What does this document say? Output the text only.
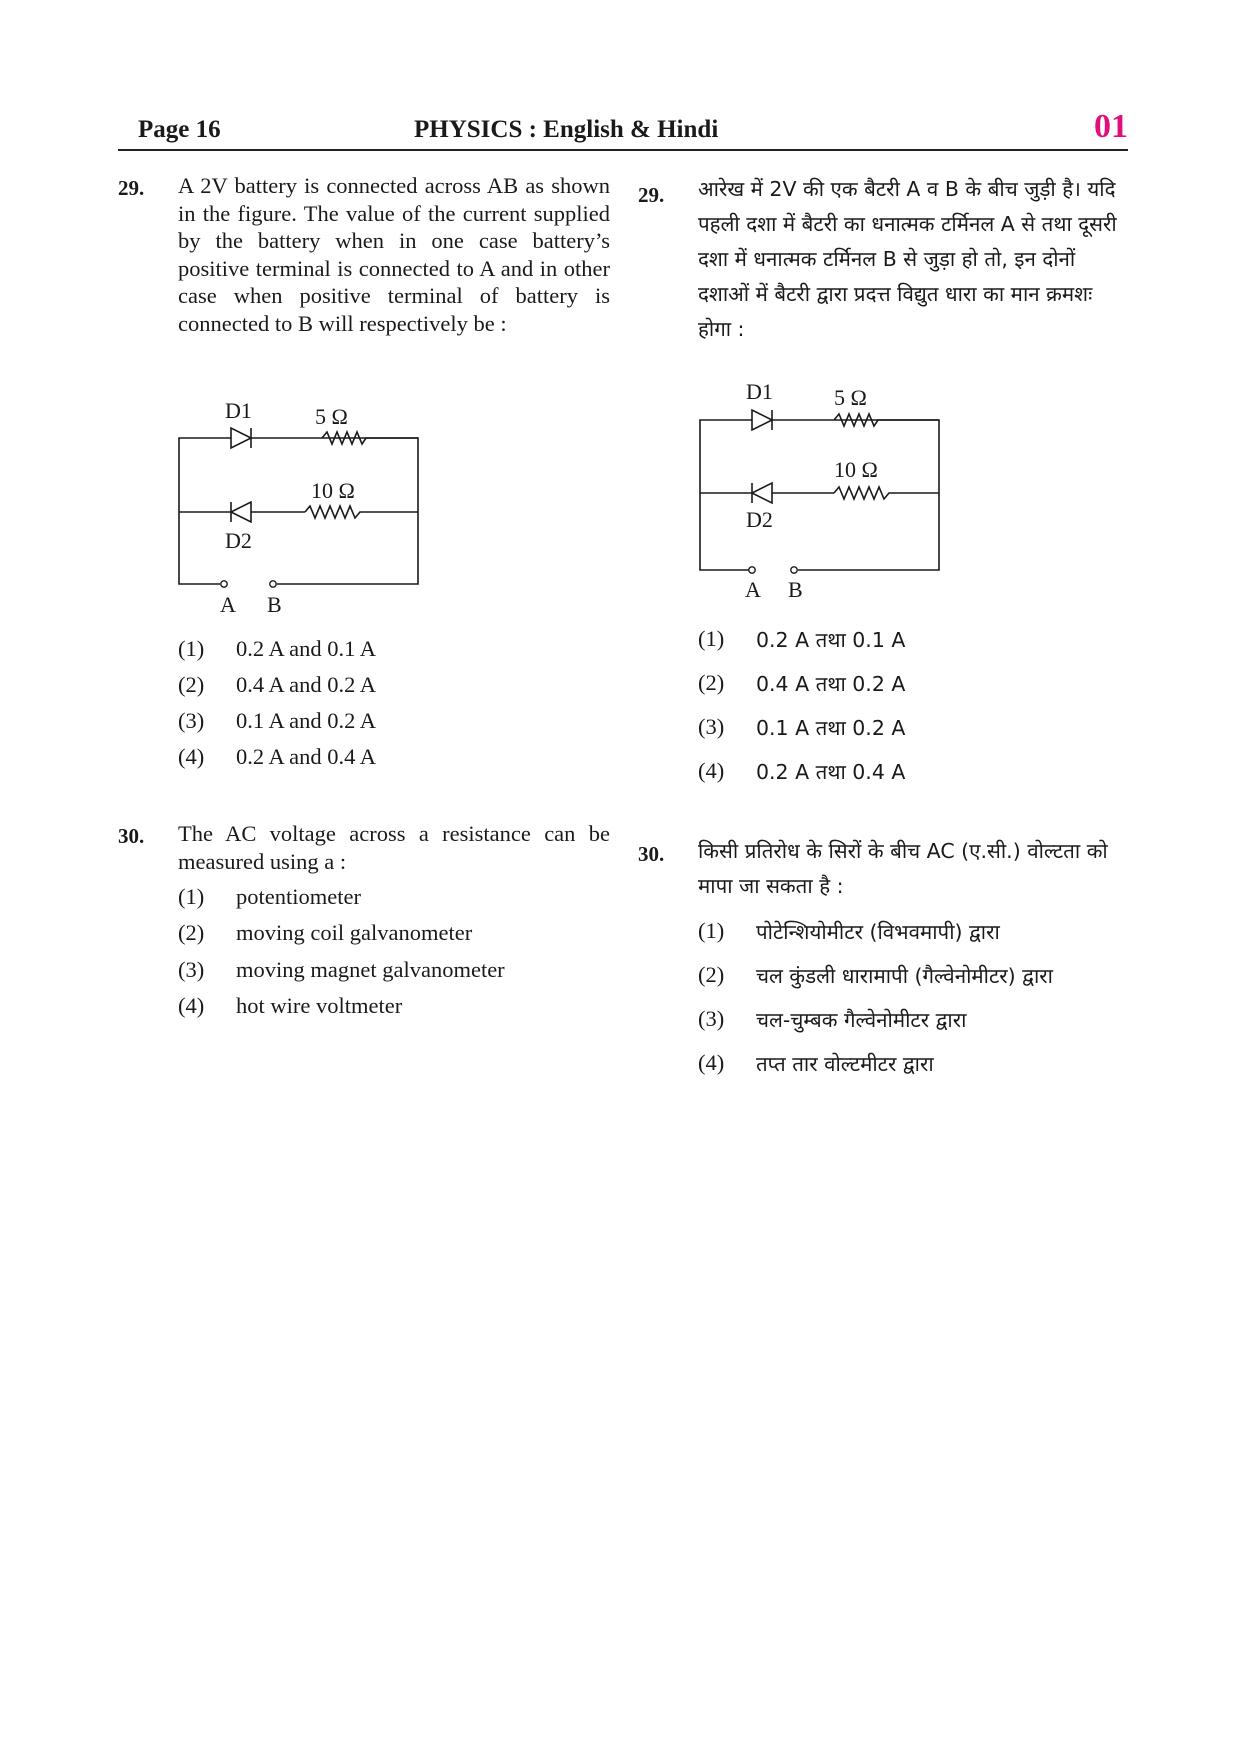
Page 16	PHYSICS : English & Hindi	01
29. A 2V battery is connected across AB as shown in the figure. The value of the current supplied by the battery when in one case battery’s positive terminal is connected to A and in other case when positive terminal of battery is connected to B will respectively be :
D1	5 Ω
10 Ω
D2
A B
(1) 0.2 A and 0.1 A
(2) 0.4 A and 0.2 A
(3) 0.1 A and 0.2 A
(4) 0.2 A and 0.4 A
30. The AC voltage across a resistance can be measured using a :
(1) potentiometer
(2) moving coil galvanometer
(3) moving magnet galvanometer
(4) hot wire voltmeter
29. आरेख में 2V की एक बैटरी A व B के बीच जुड़ी है। यदि पहली दशा में बैटरी का धनात्मक टर्मिनल A से तथा दूसरी दशा में धनात्मक टर्मिनल B से जुड़ा हो तो, इन दोनों दशाओं में बैटरी द्वारा प्रदत्त विद्युत धारा का मान क्रमशः होगा :
D1	5 Ω
10 Ω
D2
A B
(1) 0.2 A तथा 0.1 A
(2) 0.4 A तथा 0.2 A
(3) 0.1 A तथा 0.2 A
(4) 0.2 A तथा 0.4 A
30. किसी प्रतिरोध के सिरों के बीच AC (ए.सी.) वोल्टता को मापा जा सकता है :
(1) पोटेन्शियोमीटर (विभवमापी) द्वारा
(2) चल कुंडली धारामापी (गैल्वेनोमीटर) द्वारा
(3) चल-चुम्बक गैल्वेनोमीटर द्वारा
(4) तप्त तार वोल्टमीटर द्वारा
